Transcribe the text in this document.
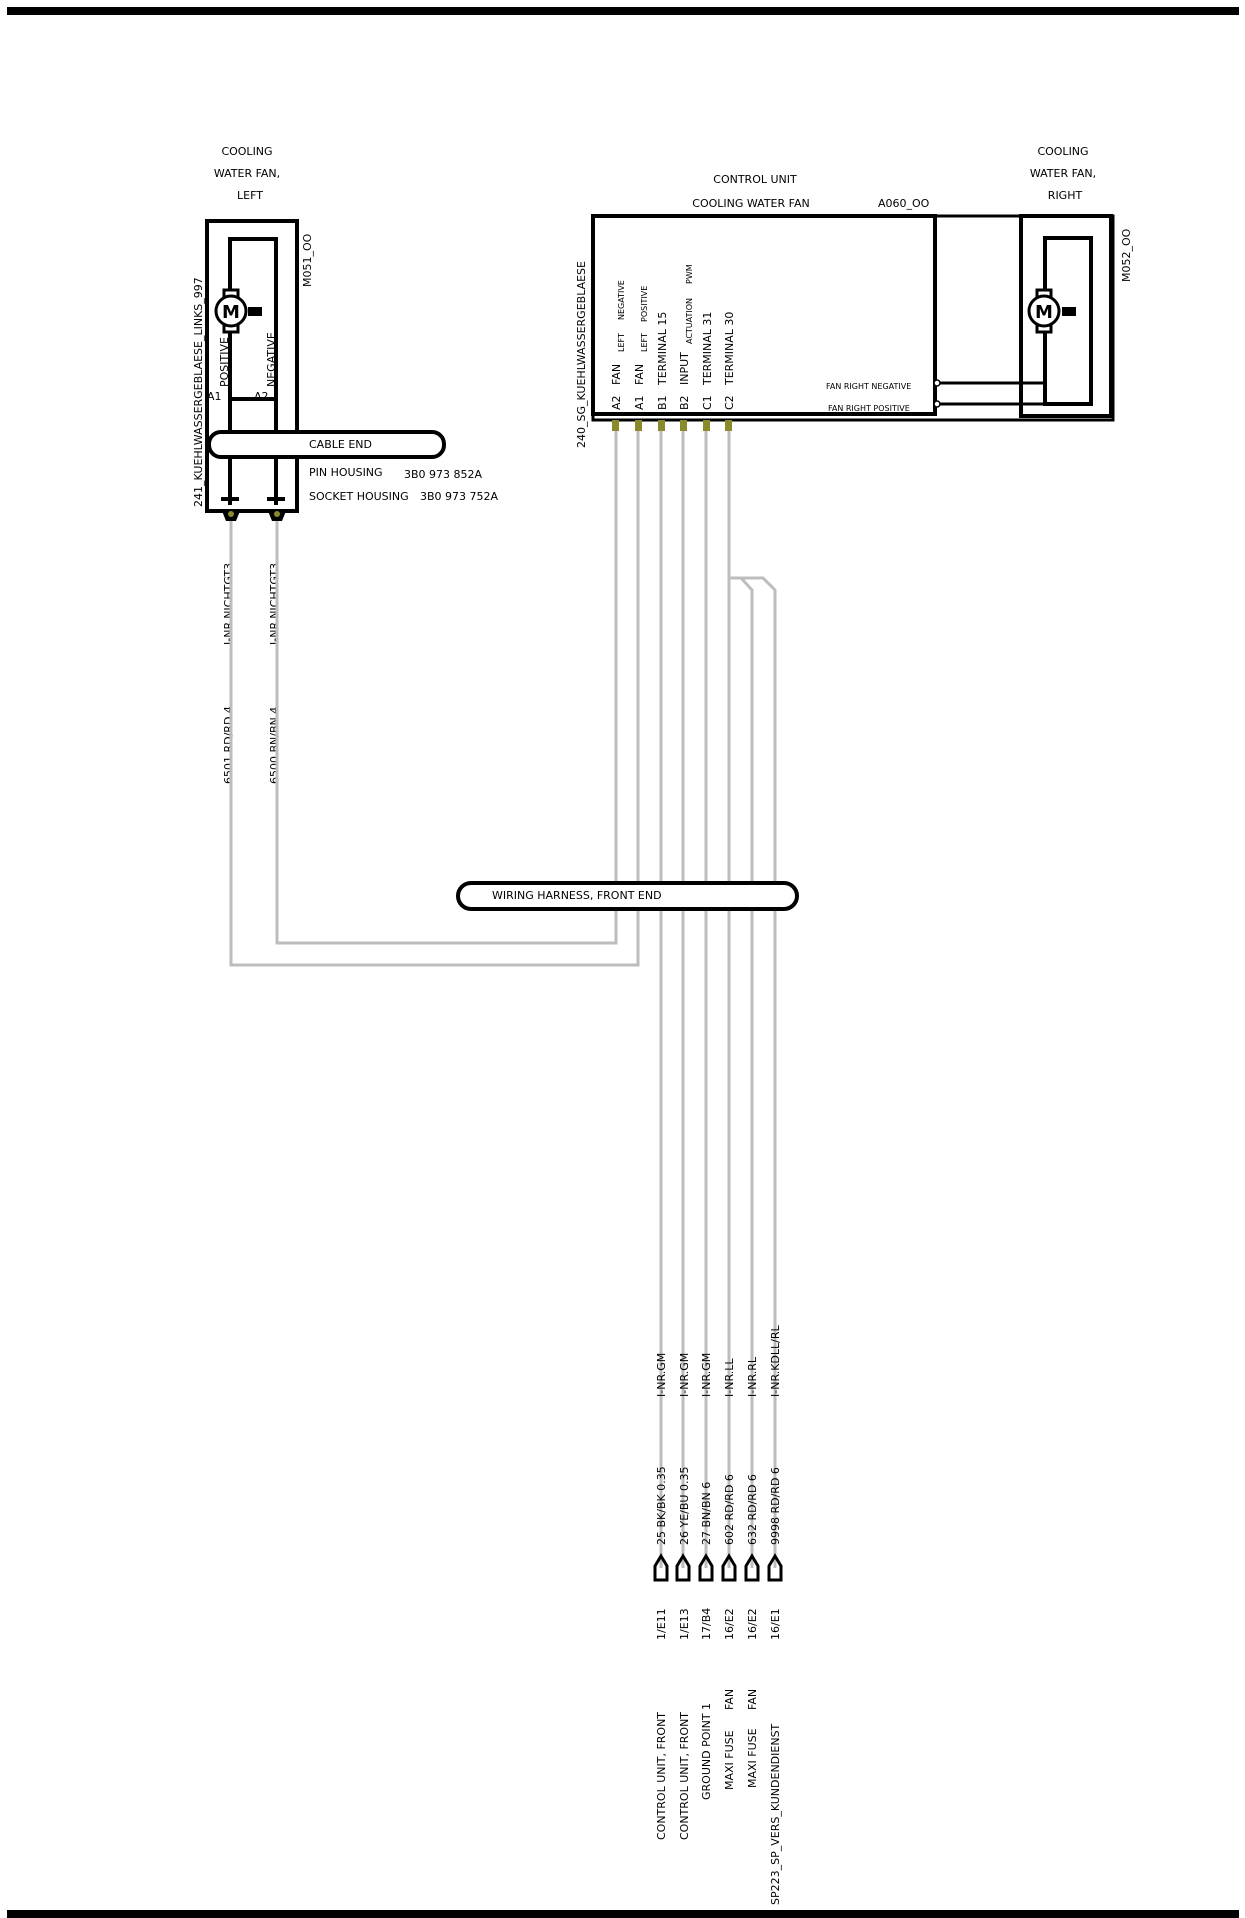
COOLING
WATER FAN,
LEFT
M
POSITIVE	NEGATIVE
A1	A2
241_KUEHLWASSERGEBLAESE_LINKS_997
M051_OO
CABLE END
PIN HOUSING 3B0 973 852A
SOCKET HOUSING 3B0 973 752A
I-NR.NICHTGT3	I-NR.NICHTGT3
6501 RD/RD 4	6500 BN/BN 4
CONTROL UNIT
COOLING WATER FAN	A060_OO
240_SG_KUEHLWASSERGEBLAESE A2
FAN
LEFT
NEGATIVE
A1
FAN
LEFT
POSITIVE
B1
TERMINAL 15
B2
INPUT
ACTUATION
PWM
C1
TERMINAL 31
C2
TERMINAL 30
FAN RIGHT NEGATIVE
FAN RIGHT POSITIVE
COOLING
WATER FAN,
RIGHT
M
M052_OO
WIRING HARNESS, FRONT END
I-NR.GM
25 BK/BK 0.35
1/E11
CONTROL UNIT, FRONT
I-NR.GM
26 YE/BU 0.35
1/E13
CONTROL UNIT, FRONT
I-NR.GM
27 BN/BN 6
17/B4
GROUND POINT 1
I-NR.LL
602 RD/RD 6
16/E2
MAXI FUSE
FAN
I-NR.RL
632 RD/RD 6
16/E2
MAXI FUSE
FAN
I-NR.KDLL/RL
9998 RD/RD 6
16/E1
SP223_SP_VERS_KUNDENDIENST
